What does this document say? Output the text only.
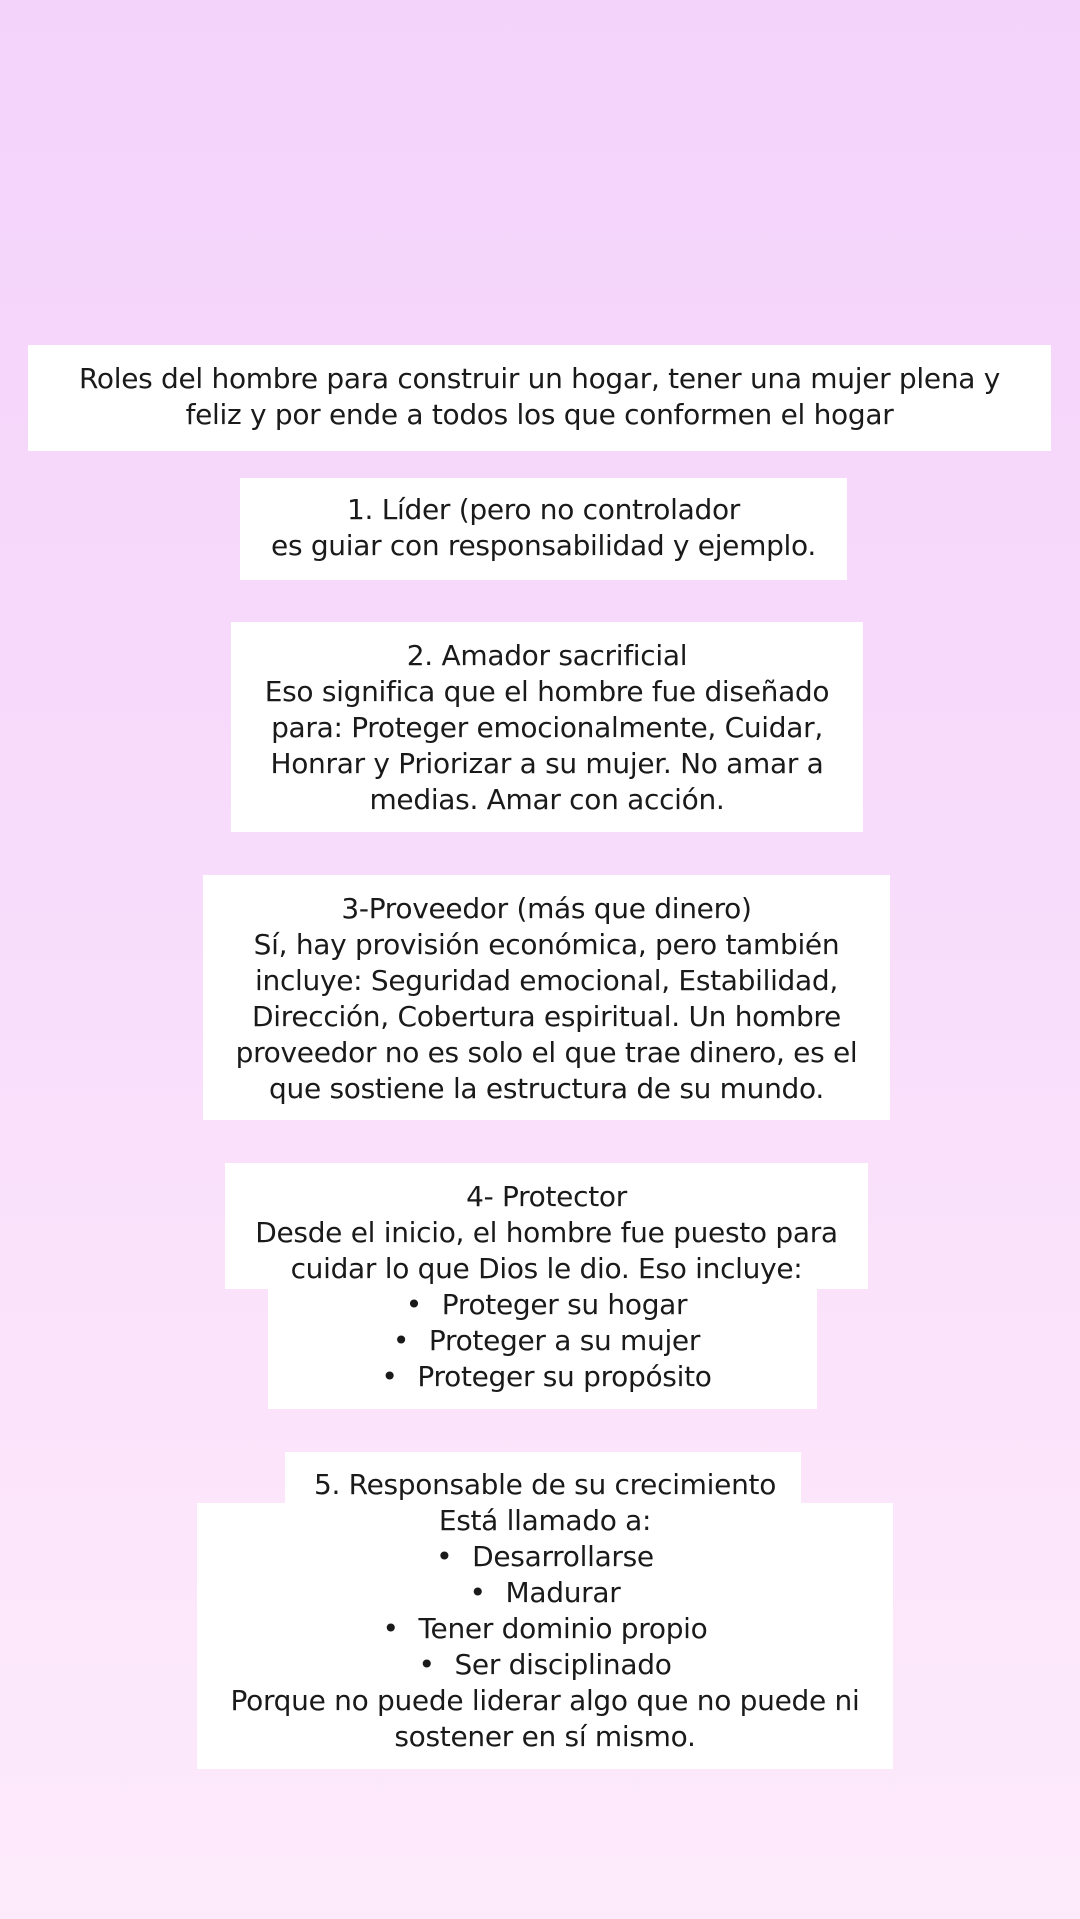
Roles del hombre para construir un hogar, tener una mujer plena y
feliz y por ende a todos los que conformen el hogar
1. Líder (pero no controlador
es guiar con responsabilidad y ejemplo.
2. Amador sacrificial
Eso significa que el hombre fue diseñado
para: Proteger emocionalmente, Cuidar,
Honrar y Priorizar a su mujer. No amar a
medias. Amar con acción.
3-Proveedor (más que dinero)
Sí, hay provisión económica, pero también
incluye: Seguridad emocional, Estabilidad,
Dirección, Cobertura espiritual. Un hombre
proveedor no es solo el que trae dinero, es el
que sostiene la estructura de su mundo.
4- Protector
Desde el inicio, el hombre fue puesto para
cuidar lo que Dios le dio. Eso incluye:
• Proteger su hogar
• Proteger a su mujer
• Proteger su propósito
5. Responsable de su crecimiento
Está llamado a:
• Desarrollarse
• Madurar
• Tener dominio propio
• Ser disciplinado
Porque no puede liderar algo que no puede ni
sostener en sí mismo.
